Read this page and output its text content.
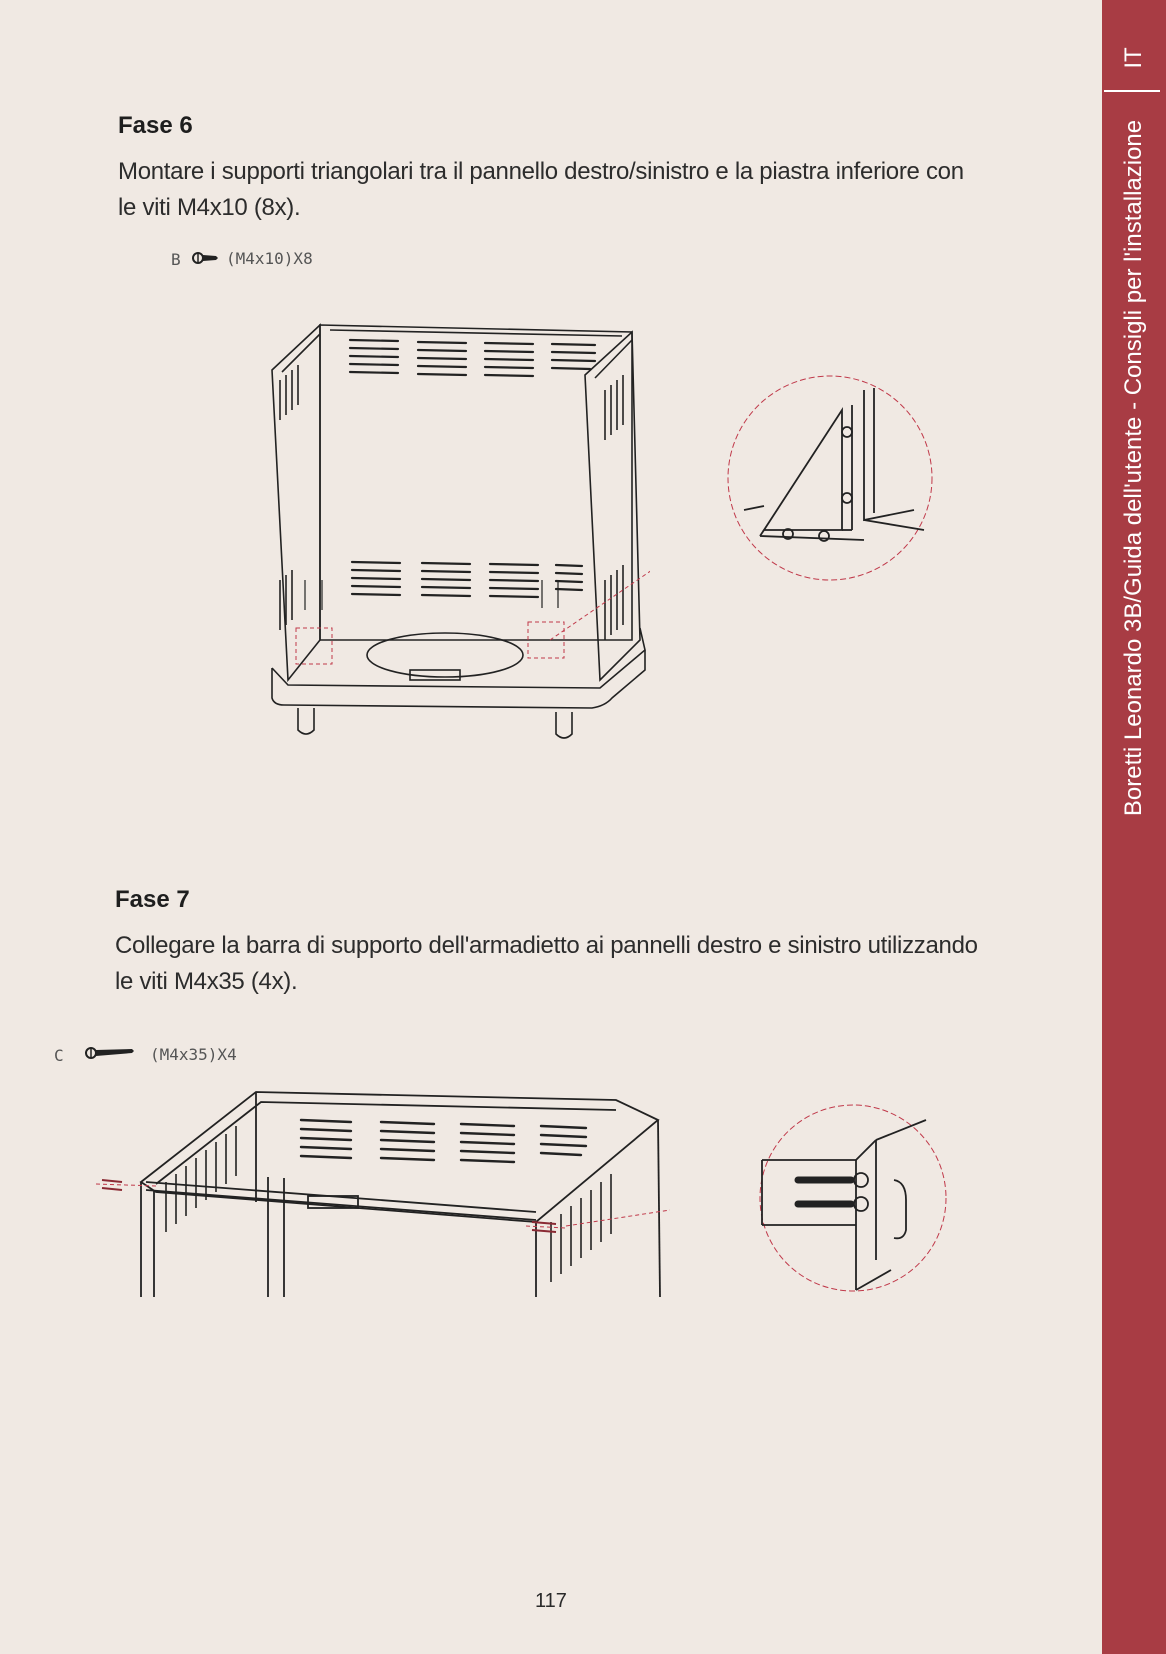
IT
Boretti Leonardo 3B/Guida dell'utente - Consigli per l'installazione
Fase 6
Montare i supporti triangolari tra il pannello destro/sinistro e la piastra inferiore con le viti M4x10 (8x).
B	(M4x10)X8
Fase 7
Collegare la barra di supporto dell'armadietto ai pannelli destro e sinistro utilizzando le viti M4x35 (4x).
C	(M4x35)X4
117
